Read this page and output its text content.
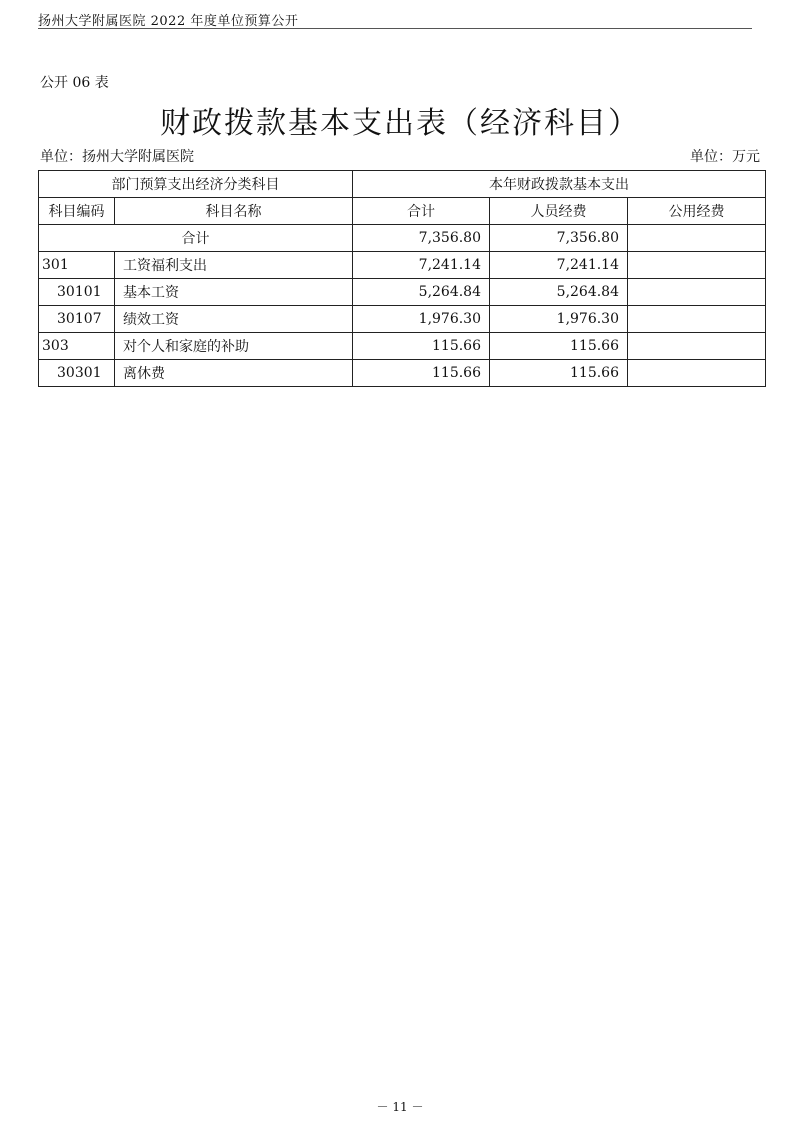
扬州大学附属医院 2022 年度单位预算公开
公开 06 表
财政拨款基本支出表（经济科目）
单位：扬州大学附属医院	单位：万元
部门预算支出经济分类科目		本年财政拨款基本支出		
科目编码	科目名称	合计	人员经费	公用经费
合计		7,356.80	7,356.80	
301	工资福利支出	7,241.14	7,241.14	
30101	基本工资	5,264.84	5,264.84	
30107	绩效工资	1,976.30	1,976.30	
303	对个人和家庭的补助	115.66	115.66	
30301	离休费	115.66	115.66	
－ 11 －
